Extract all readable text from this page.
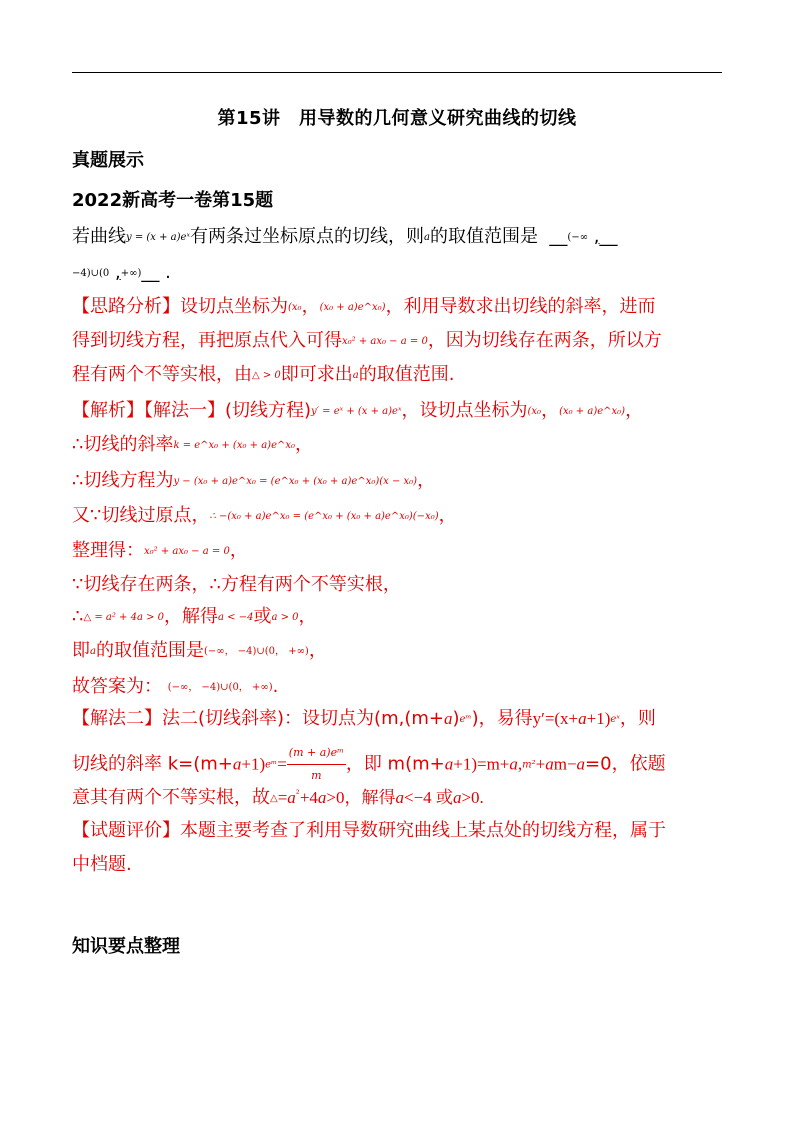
第15讲　用导数的几何意义研究曲线的切线
真题展示
2022新高考一卷第15题
若曲线y = (x + a)eˣ有两条过坐标原点的切线，则a的取值范围是 __(−∞ ,__
−4)∪(0 ,+∞)__ .
【思路分析】设切点坐标为(x₀，(x₀ + a)e^x₀)，利用导数求出切线的斜率，进而
得到切线方程，再把原点代入可得x₀² + ax₀ − a = 0，因为切线存在两条，所以方
程有两个不等实根，由△ > 0即可求出a的取值范围.
【解析】【解法一】(切线方程)y′ = eˣ + (x + a)eˣ，设切点坐标为(x₀，(x₀ + a)e^x₀)，
∴切线的斜率k = e^x₀ + (x₀ + a)e^x₀，
∴切线方程为y − (x₀ + a)e^x₀ = (e^x₀ + (x₀ + a)e^x₀)(x − x₀)，
又∵切线过原点，∴ −(x₀ + a)e^x₀ = (e^x₀ + (x₀ + a)e^x₀)(−x₀)，
整理得：x₀² + ax₀ − a = 0，
∵切线存在两条，∴方程有两个不等实根，
∴△ = a² + 4a > 0，解得a < −4或a > 0，
即a的取值范围是(−∞， −4)∪(0， +∞)，
故答案为： (−∞， −4)∪(0， +∞).
【解法二】法二(切线斜率)：设切点为(m,(m+a)eᵐ)，易得y′=(x+a+1)eˣ，则
切线的斜率 k=(m+a+1)eᵐ= $\frac{\text{(m + a)eᵐ}}{m}$ ，即 m(m+a+1)=m+a,m²+am−a=0，依题
意其有两个不等实根，故$\triangle=a^{^2}+4a>0$，解得a<−4 或a>0.
【试题评价】本题主要考查了利用导数研究曲线上某点处的切线方程，属于
中档题.
知识要点整理
